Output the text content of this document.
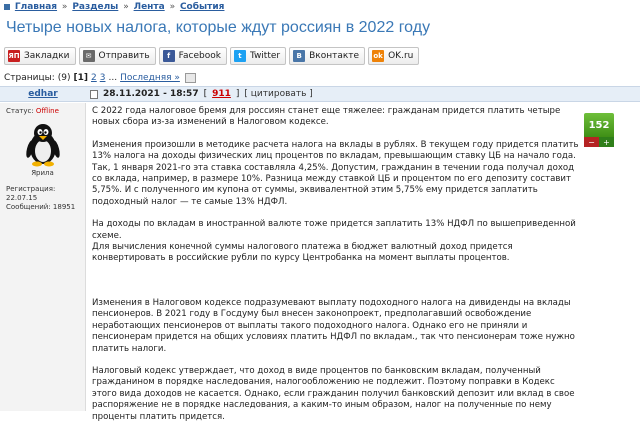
Главная » Разделы » Лента » События
Четыре новых налога, которые ждут россиян в 2022 году
ЯП Закладки	✉ Отправить	f Facebook	t Twitter	В Вконтакте ok OK.ru
Страницы: (9) [1] 2 3 ... Последняя »
edhar	28.11.2021 - 18:57 [ 911 ] [ цитировать ]
Статус: Offline
Ярила
Регистрация: 22.07.15
Сообщений: 18951
152
−	+

С 2022 года налоговое бремя для россиян станет еще тяжелее: гражданам придется платить четыре новых сбора из-за изменений в Налоговом кодексе.

Изменения произошли в методике расчета налога на вклады в рублях. В текущем году придется платить 13% налога на доходы физических лиц процентов по вкладам, превышающим ставку ЦБ на начало года. Так, 1 января 2021-го эта ставка составляла 4,25%. Допустим, гражданин в течении года получал доход со вклада, например, в размере 10%. Разница между ставкой ЦБ и процентом по его депозиту составит 5,75%. И с полученного им купона от суммы, эквивалентной этим 5,75% ему придется заплатить подоходный налог — те самые 13% НДФЛ.

На доходы по вкладам в иностранной валюте тоже придется заплатить 13% НДФЛ по вышеприведенной схеме.

Для вычисления конечной суммы налогового платежа в бюджет валютный доход придется конвертировать в российские рубли по курсу Центробанка на момент выплаты процентов.

Изменения в Налоговом кодексе подразумевают выплату подоходного налога на дивиденды на вклады пенсионеров. В 2021 году в Госдуму был внесен законопроект, предполагавший освобождение неработающих пенсионеров от выплаты такого подоходного налога. Однако его не приняли и пенсионерам придется на общих условиях платить НДФЛ по вкладам., так что пенсионерам тоже нужно платить налоги.

Налоговый кодекс утверждает, что доход в виде процентов по банковским вкладам, полученный гражданином в порядке наследования, налогообложению не подлежит. Поэтому поправки в Кодекс этого вида доходов не касается. Однако, если гражданин получил банковский депозит или вклад в свое распоряжение не в порядке наследования, а каким-то иным образом, налог на полученные по нему проценты платить придется.
